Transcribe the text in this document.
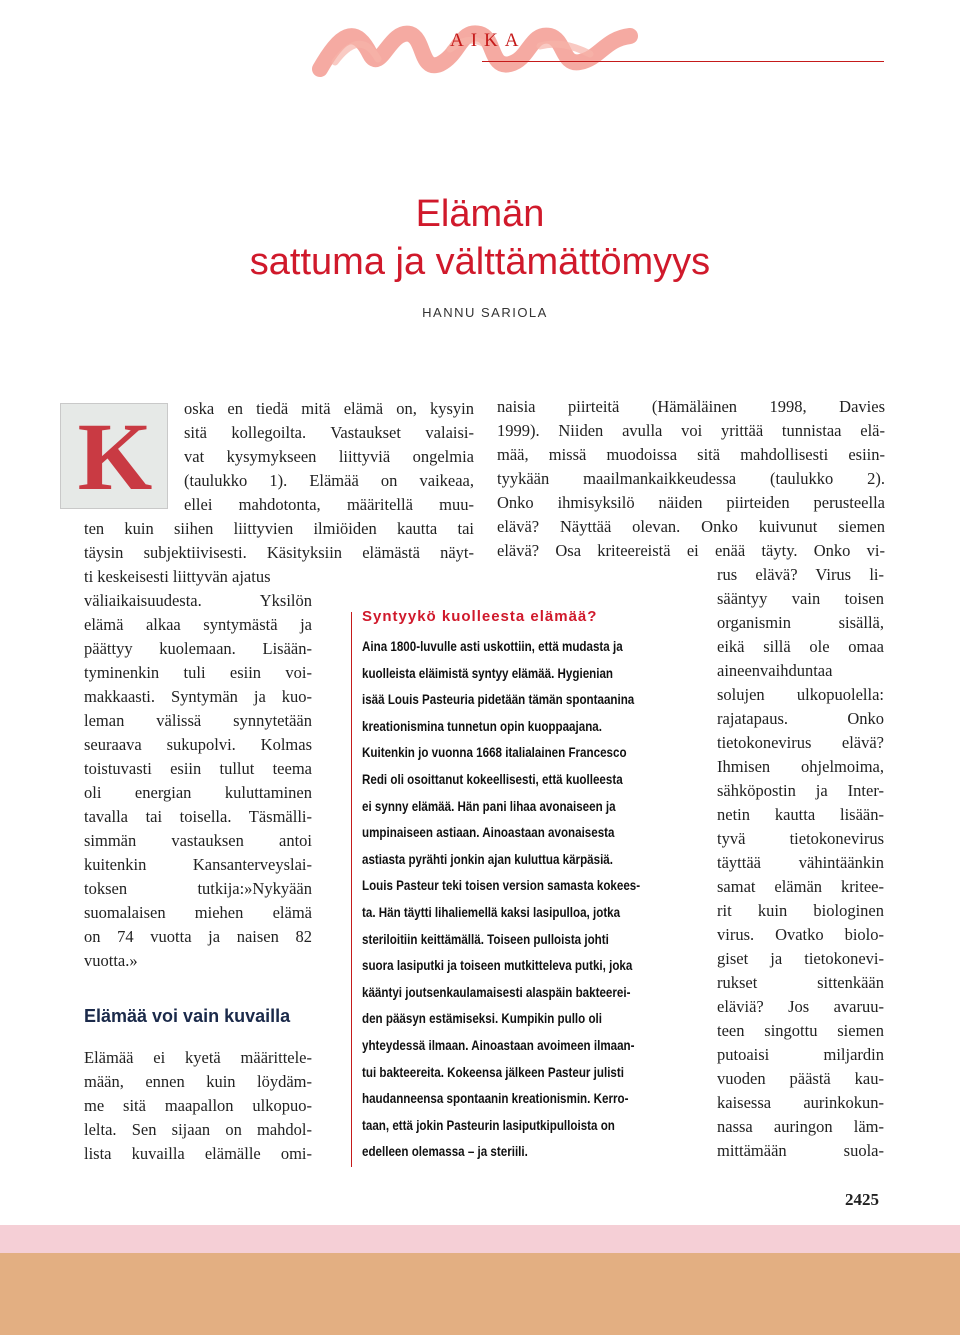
AIKA
Elämän
sattuma ja välttämättömyys
HANNU SARIOLA
K	oska en tiedä mitä elämä on, kysyin
sitä kollegoilta. Vastaukset valaisi-
vat kysymykseen liittyviä ongelmia
(taulukko 1). Elämää on vaikeaa,
ellei mahdotonta, määritellä muu-
ten kuin siihen liittyvien ilmiöiden kautta tai
täysin subjektiivisesti. Käsityksiin elämästä näyt-
ti keskeisesti liittyvän ajatus
väliaikaisuudesta. Yksilön
elämä alkaa syntymästä ja
päättyy kuolemaan. Lisään-
tyminenkin tuli esiin voi-
makkaasti. Syntymän ja kuo-
leman välissä synnytetään
seuraava sukupolvi. Kolmas
toistuvasti esiin tullut teema
oli energian kuluttaminen
tavalla tai toisella. Täsmälli-
simmän vastauksen antoi
kuitenkin Kansanterveyslai-
toksen tutkija:»Nykyään
suomalaisen miehen elämä
on 74 vuotta ja naisen 82
vuotta.»
Elämää voi vain kuvailla
Elämää ei kyetä määrittele-
mään, ennen kuin löydäm-
me sitä maapallon ulkopuo-
lelta. Sen sijaan on mahdol-
lista kuvailla elämälle omi-
Syntyykö kuolleesta elämää?
Aina 1800-luvulle asti uskottiin, että mudasta ja
kuolleista eläimistä syntyy elämää. Hygienian
isää Louis Pasteuria pidetään tämän spontaanina
kreationismina tunnetun opin kuoppaajana.
Kuitenkin jo vuonna 1668 italialainen Francesco
Redi oli osoittanut kokeellisesti, että kuolleesta
ei synny elämää. Hän pani lihaa avonaiseen ja
umpinaiseen astiaan. Ainoastaan avonaisesta
astiasta pyrähti jonkin ajan kuluttua kärpäsiä.
Louis Pasteur teki toisen version samasta kokees-
ta. Hän täytti lihaliemellä kaksi lasipulloa, jotka
steriloitiin keittämällä. Toiseen pulloista johti
suora lasiputki ja toiseen mutkitteleva putki, joka
kääntyi joutsenkaulamaisesti alaspäin bakteerei-
den pääsyn estämiseksi. Kumpikin pullo oli
yhteydessä ilmaan. Ainoastaan avoimeen ilmaan-
tui bakteereita. Kokeensa jälkeen Pasteur julisti
haudanneensa spontaanin kreationismin. Kerro-
taan, että jokin Pasteurin lasiputkipulloista on
edelleen olemassa – ja steriili.
naisia piirteitä (Hämäläinen 1998, Davies
1999). Niiden avulla voi yrittää tunnistaa elä-
mää, missä muodoissa sitä mahdollisesti esiin-
tyykään maailmankaikkeudessa (taulukko 2).
Onko ihmisyksilö näiden piirteiden perusteella
elävä? Näyttää olevan. Onko kuivunut siemen
elävä? Osa kriteereistä ei enää täyty. Onko vi-
rus elävä? Virus li-
sääntyy vain toisen
organismin sisällä,
eikä sillä ole omaa
aineenvaihduntaa
solujen ulkopuolella:
rajatapaus. Onko
tietokonevirus elävä?
Ihmisen ohjelmoima,
sähköpostin ja Inter-
netin kautta lisään-
tyvä tietokonevirus
täyttää vähintäänkin
samat elämän kritee-
rit kuin biologinen
virus. Ovatko biolo-
giset ja tietokonevi-
rukset sittenkään
eläviä? Jos avaruu-
teen singottu siemen
putoaisi miljardin
vuoden päästä kau-
kaisessa aurinkokun-
nassa auringon läm-
mittämään suola-
2425
